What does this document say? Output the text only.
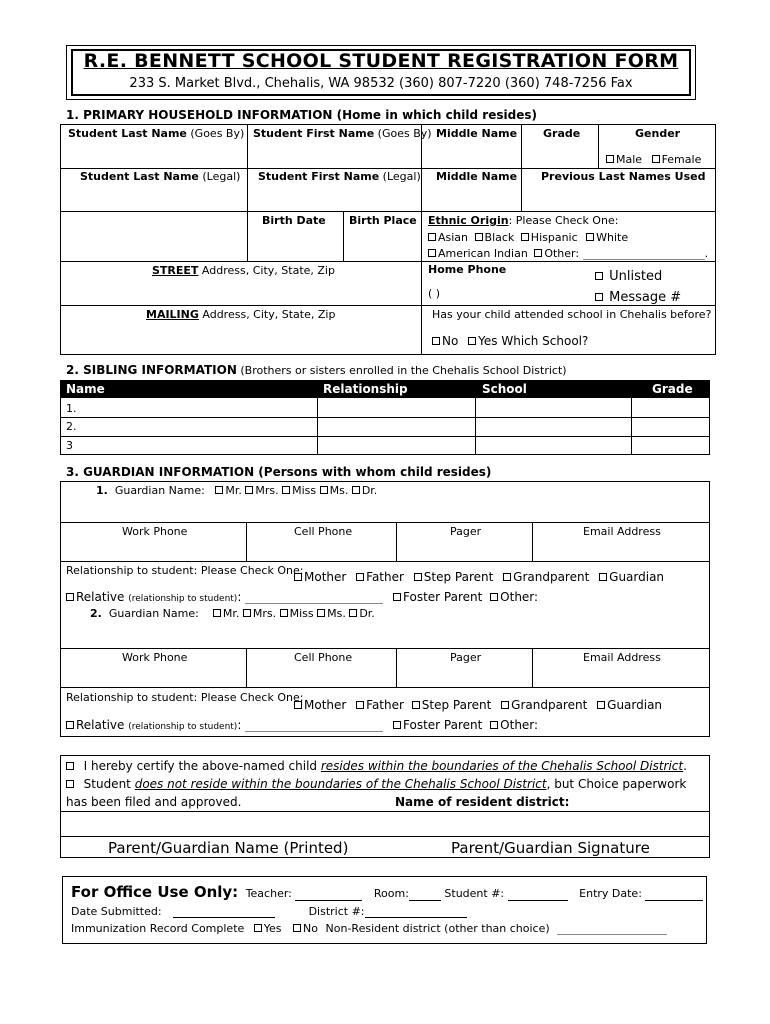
R.E. BENNETT SCHOOL STUDENT REGISTRATION FORM
233 S. Market Blvd., Chehalis, WA 98532 (360) 807-7220 (360) 748-7256 Fax
1. PRIMARY HOUSEHOLD INFORMATION (Home in which child resides)
Student Last Name (Goes By) Student First Name (Goes By) Middle Name Grade	Gender
Male Female
Student Last Name (Legal) Student First Name (Legal) Middle Name Previous Last Names Used
Birth Date Birth Place Ethnic Origin: Please Check One:
Asian Black Hispanic White
American Indian Other:	.
STREET Address, City, State, Zip	Home Phone
( )
Unlisted
Message #
MAILING Address, City, State, Zip	Has your child attended school in Chehalis before?
No Yes Which School?
2. SIBLING INFORMATION (Brothers or sisters enrolled in the Chehalis School District)
Name	Relationship	School	Grade
1.
2.
3
3. GUARDIAN INFORMATION (Persons with whom child resides)
1. Guardian Name: Mr. Mrs. Miss Ms. Dr.
Work Phone	Cell Phone	Pager	Email Address
Relationship to student: Please Check One: Mother Father Step Parent Grandparent Guardian
Relative (relationship to student):	Foster Parent Other:
2. Guardian Name: Mr. Mrs. Miss Ms. Dr.
Work Phone	Cell Phone	Pager	Email Address
Relationship to student: Please Check One:
Mother Father Step Parent Grandparent Guardian
Relative (relationship to student):	Foster Parent Other:
I hereby certify the above-named child resides within the boundaries of the Chehalis School District.
Student does not reside within the boundaries of the Chehalis School District, but Choice paperwork
has been filed and approved.	Name of resident district:
Parent/Guardian Name (Printed)	Parent/Guardian Signature
For Office Use Only: Teacher:	Room:	Student #:	Entry Date:
Date Submitted:	District #:
Immunization Record Complete Yes No Non-Resident district (other than choice)
